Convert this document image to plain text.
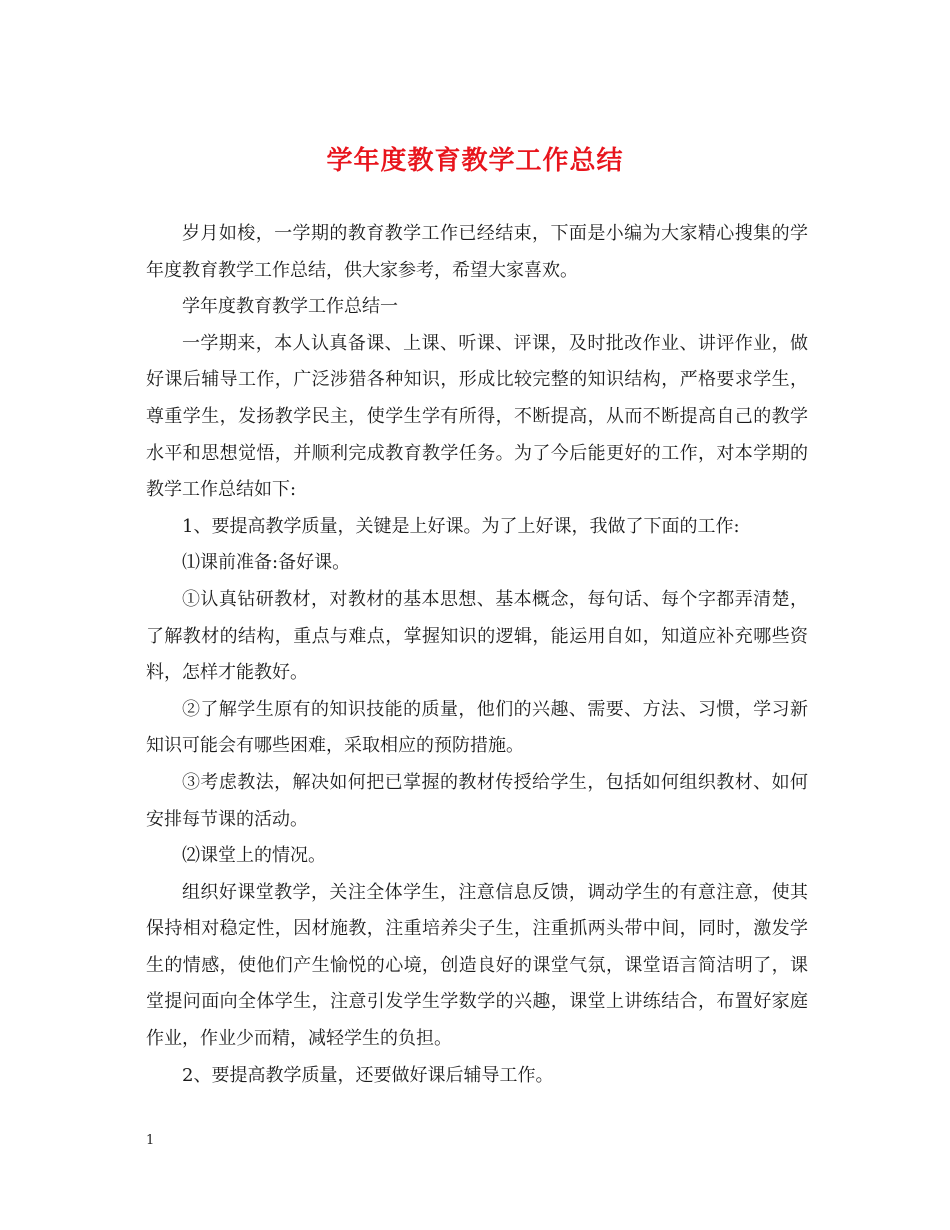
学年度教育教学工作总结

岁月如梭，一学期的教育教学工作已经结束，下面是小编为大家精心搜集的学年度教育教学工作总结，供大家参考，希望大家喜欢。

学年度教育教学工作总结一

一学期来，本人认真备课、上课、听课、评课，及时批改作业、讲评作业，做好课后辅导工作，广泛涉猎各种知识，形成比较完整的知识结构，严格要求学生，尊重学生，发扬教学民主，使学生学有所得，不断提高，从而不断提高自己的教学水平和思想觉悟，并顺利完成教育教学任务。为了今后能更好的工作，对本学期的教学工作总结如下:

1、要提高教学质量，关键是上好课。为了上好课，我做了下面的工作:

⑴课前准备:备好课。

①认真钻研教材，对教材的基本思想、基本概念，每句话、每个字都弄清楚，了解教材的结构，重点与难点，掌握知识的逻辑，能运用自如，知道应补充哪些资料，怎样才能教好。

②了解学生原有的知识技能的质量，他们的兴趣、需要、方法、习惯，学习新知识可能会有哪些困难，采取相应的预防措施。

③考虑教法，解决如何把已掌握的教材传授给学生，包括如何组织教材、如何安排每节课的活动。

⑵课堂上的情况。

组织好课堂教学，关注全体学生，注意信息反馈，调动学生的有意注意，使其保持相对稳定性，因材施教，注重培养尖子生，注重抓两头带中间，同时，激发学生的情感，使他们产生愉悦的心境，创造良好的课堂气氛，课堂语言简洁明了，课堂提问面向全体学生，注意引发学生学数学的兴趣，课堂上讲练结合，布置好家庭作业，作业少而精，减轻学生的负担。

2、要提高教学质量，还要做好课后辅导工作。

1
